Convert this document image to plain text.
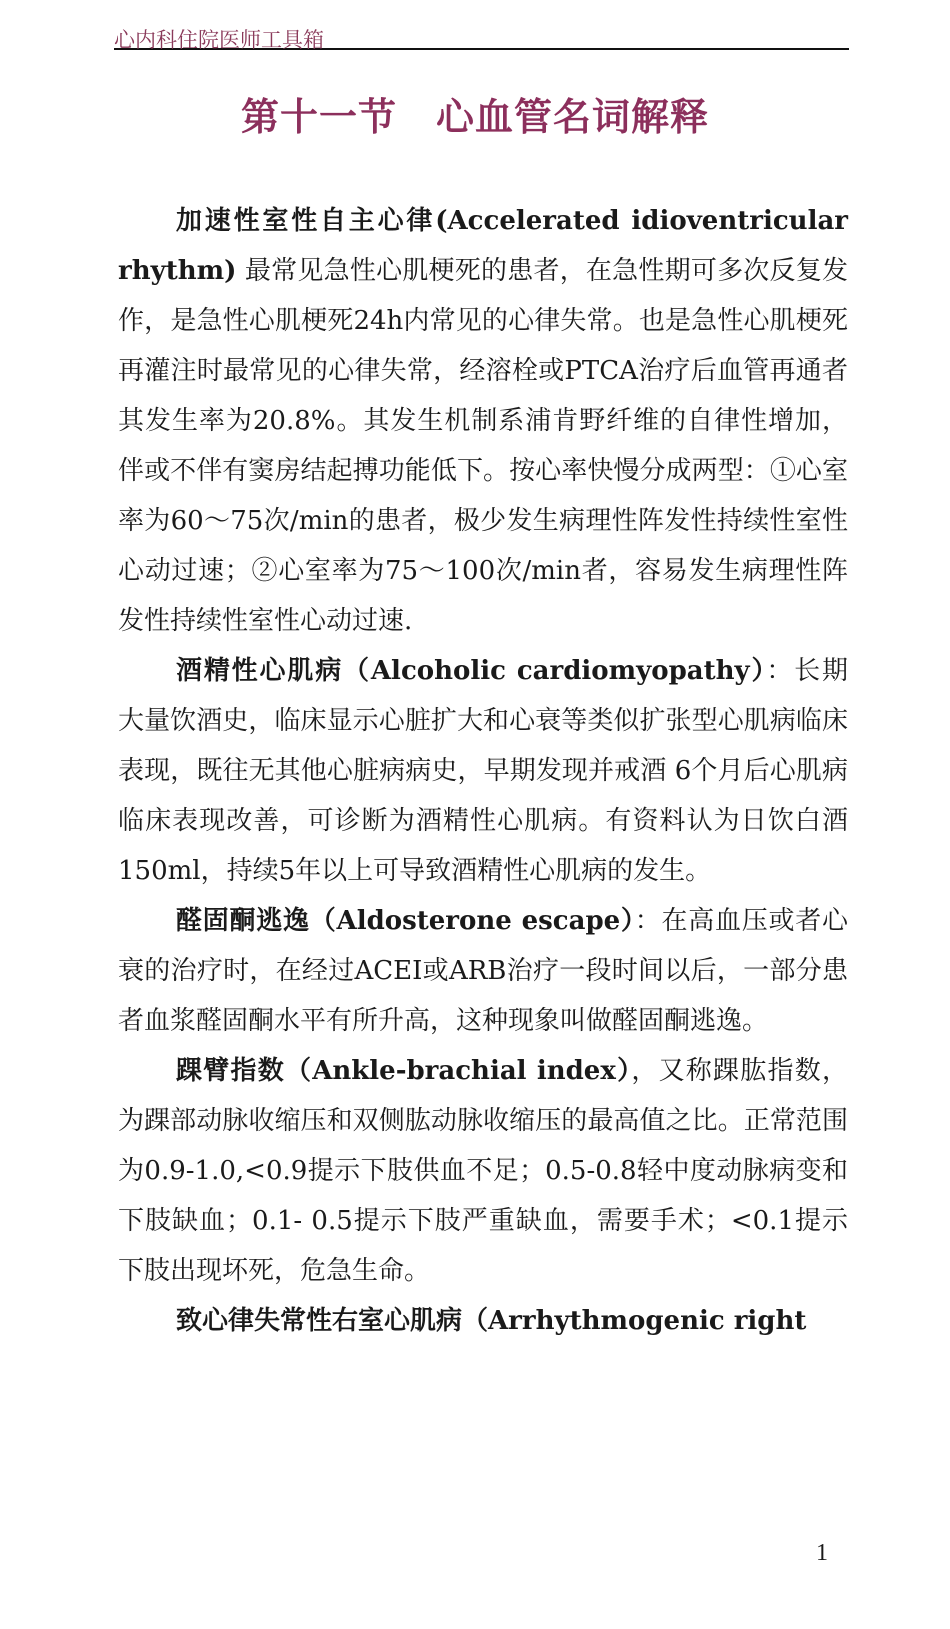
心内科住院医师工具箱
第十一节　心血管名词解释

加速性室性自主心律(Accelerated idioventricular rhythm) 最常见急性心肌梗死的患者，在急性期可多次反复发作，是急性心肌梗死24h内常见的心律失常。也是急性心肌梗死再灌注时最常见的心律失常，经溶栓或PTCA治疗后血管再通者其发生率为20.8%。其发生机制系浦肯野纤维的自律性增加，伴或不伴有窦房结起搏功能低下。按心率快慢分成两型：①心室率为60～75次/min的患者，极少发生病理性阵发性持续性室性心动过速；②心室率为75～100次/min者，容易发生病理性阵发性持续性室性心动过速.

酒精性心肌病（Alcoholic cardiomyopathy）：长期大量饮酒史，临床显示心脏扩大和心衰等类似扩张型心肌病临床表现，既往无其他心脏病病史，早期发现并戒酒 6个月后心肌病临床表现改善，可诊断为酒精性心肌病。有资料认为日饮白酒150ml，持续5年以上可导致酒精性心肌病的发生。

醛固酮逃逸（Aldosterone escape）：在高血压或者心衰的治疗时，在经过ACEI或ARB治疗一段时间以后，一部分患者血浆醛固酮水平有所升高，这种现象叫做醛固酮逃逸。

踝臂指数（Ankle-brachial index），又称踝肱指数，为踝部动脉收缩压和双侧肱动脉收缩压的最高值之比。正常范围为0.9-1.0,<0.9提示下肢供血不足；0.5-0.8轻中度动脉病变和下肢缺血；0.1- 0.5提示下肢严重缺血，需要手术；<0.1提示下肢出现坏死，危急生命。

致心律失常性右室心肌病（Arrhythmogenic right

1
